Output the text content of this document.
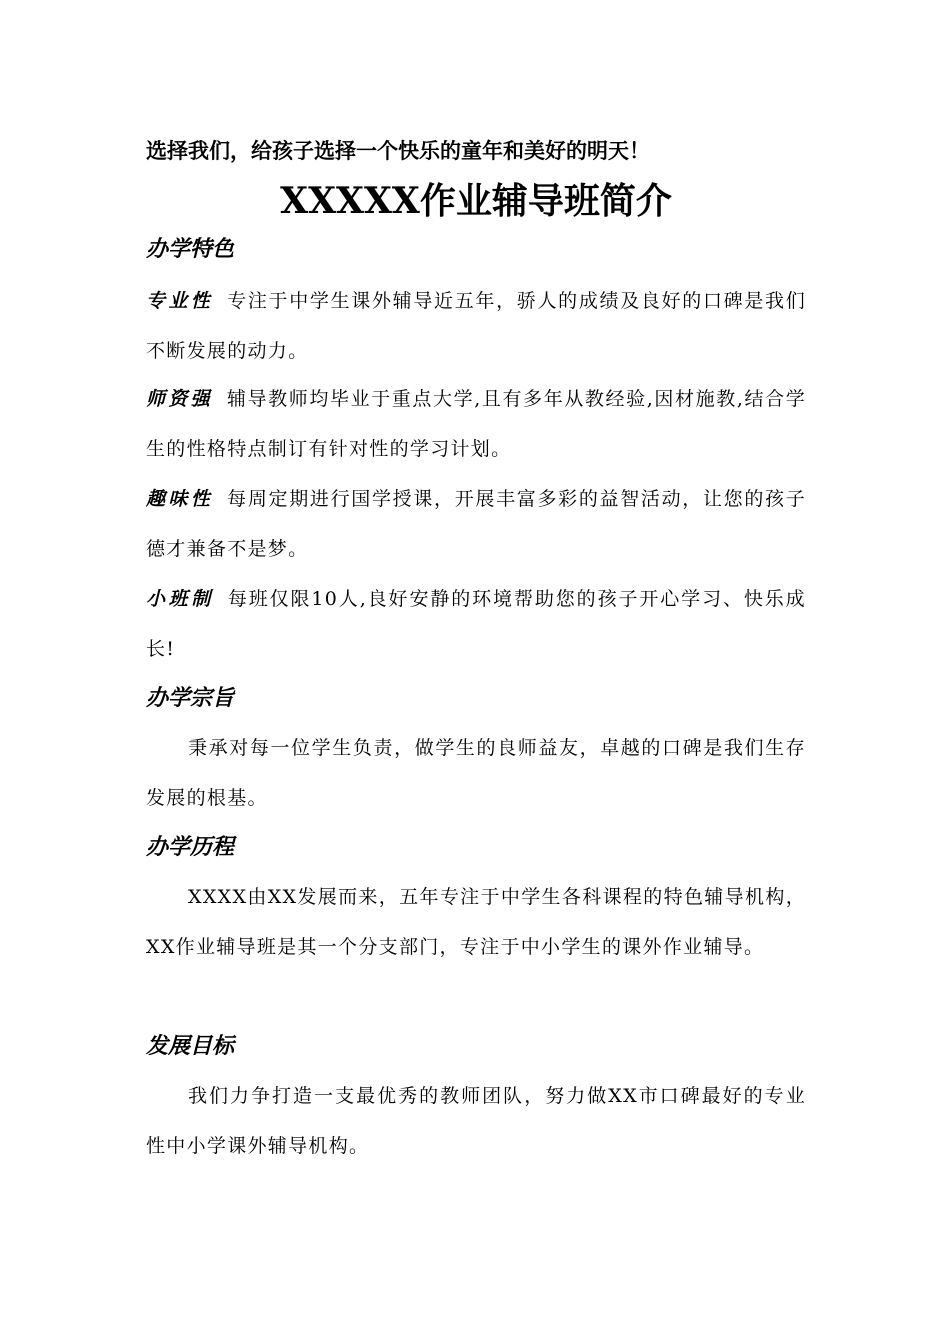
选择我们，给孩子选择一个快乐的童年和美好的明天！
XXXXX作业辅导班简介
办学特色
专业性 专注于中学生课外辅导近五年，骄人的成绩及良好的口碑是我们不断发展的动力。
师资强 辅导教师均毕业于重点大学,且有多年从教经验,因材施教,结合学生的性格特点制订有针对性的学习计划。
趣味性 每周定期进行国学授课，开展丰富多彩的益智活动，让您的孩子德才兼备不是梦。
小班制 每班仅限10人,良好安静的环境帮助您的孩子开心学习、快乐成长!
办学宗旨
秉承对每一位学生负责，做学生的良师益友，卓越的口碑是我们生存发展的根基。
办学历程
XXXX由XX发展而来，五年专注于中学生各科课程的特色辅导机构，XX作业辅导班是其一个分支部门，专注于中小学生的课外作业辅导。
发展目标
我们力争打造一支最优秀的教师团队，努力做XX市口碑最好的专业性中小学课外辅导机构。
